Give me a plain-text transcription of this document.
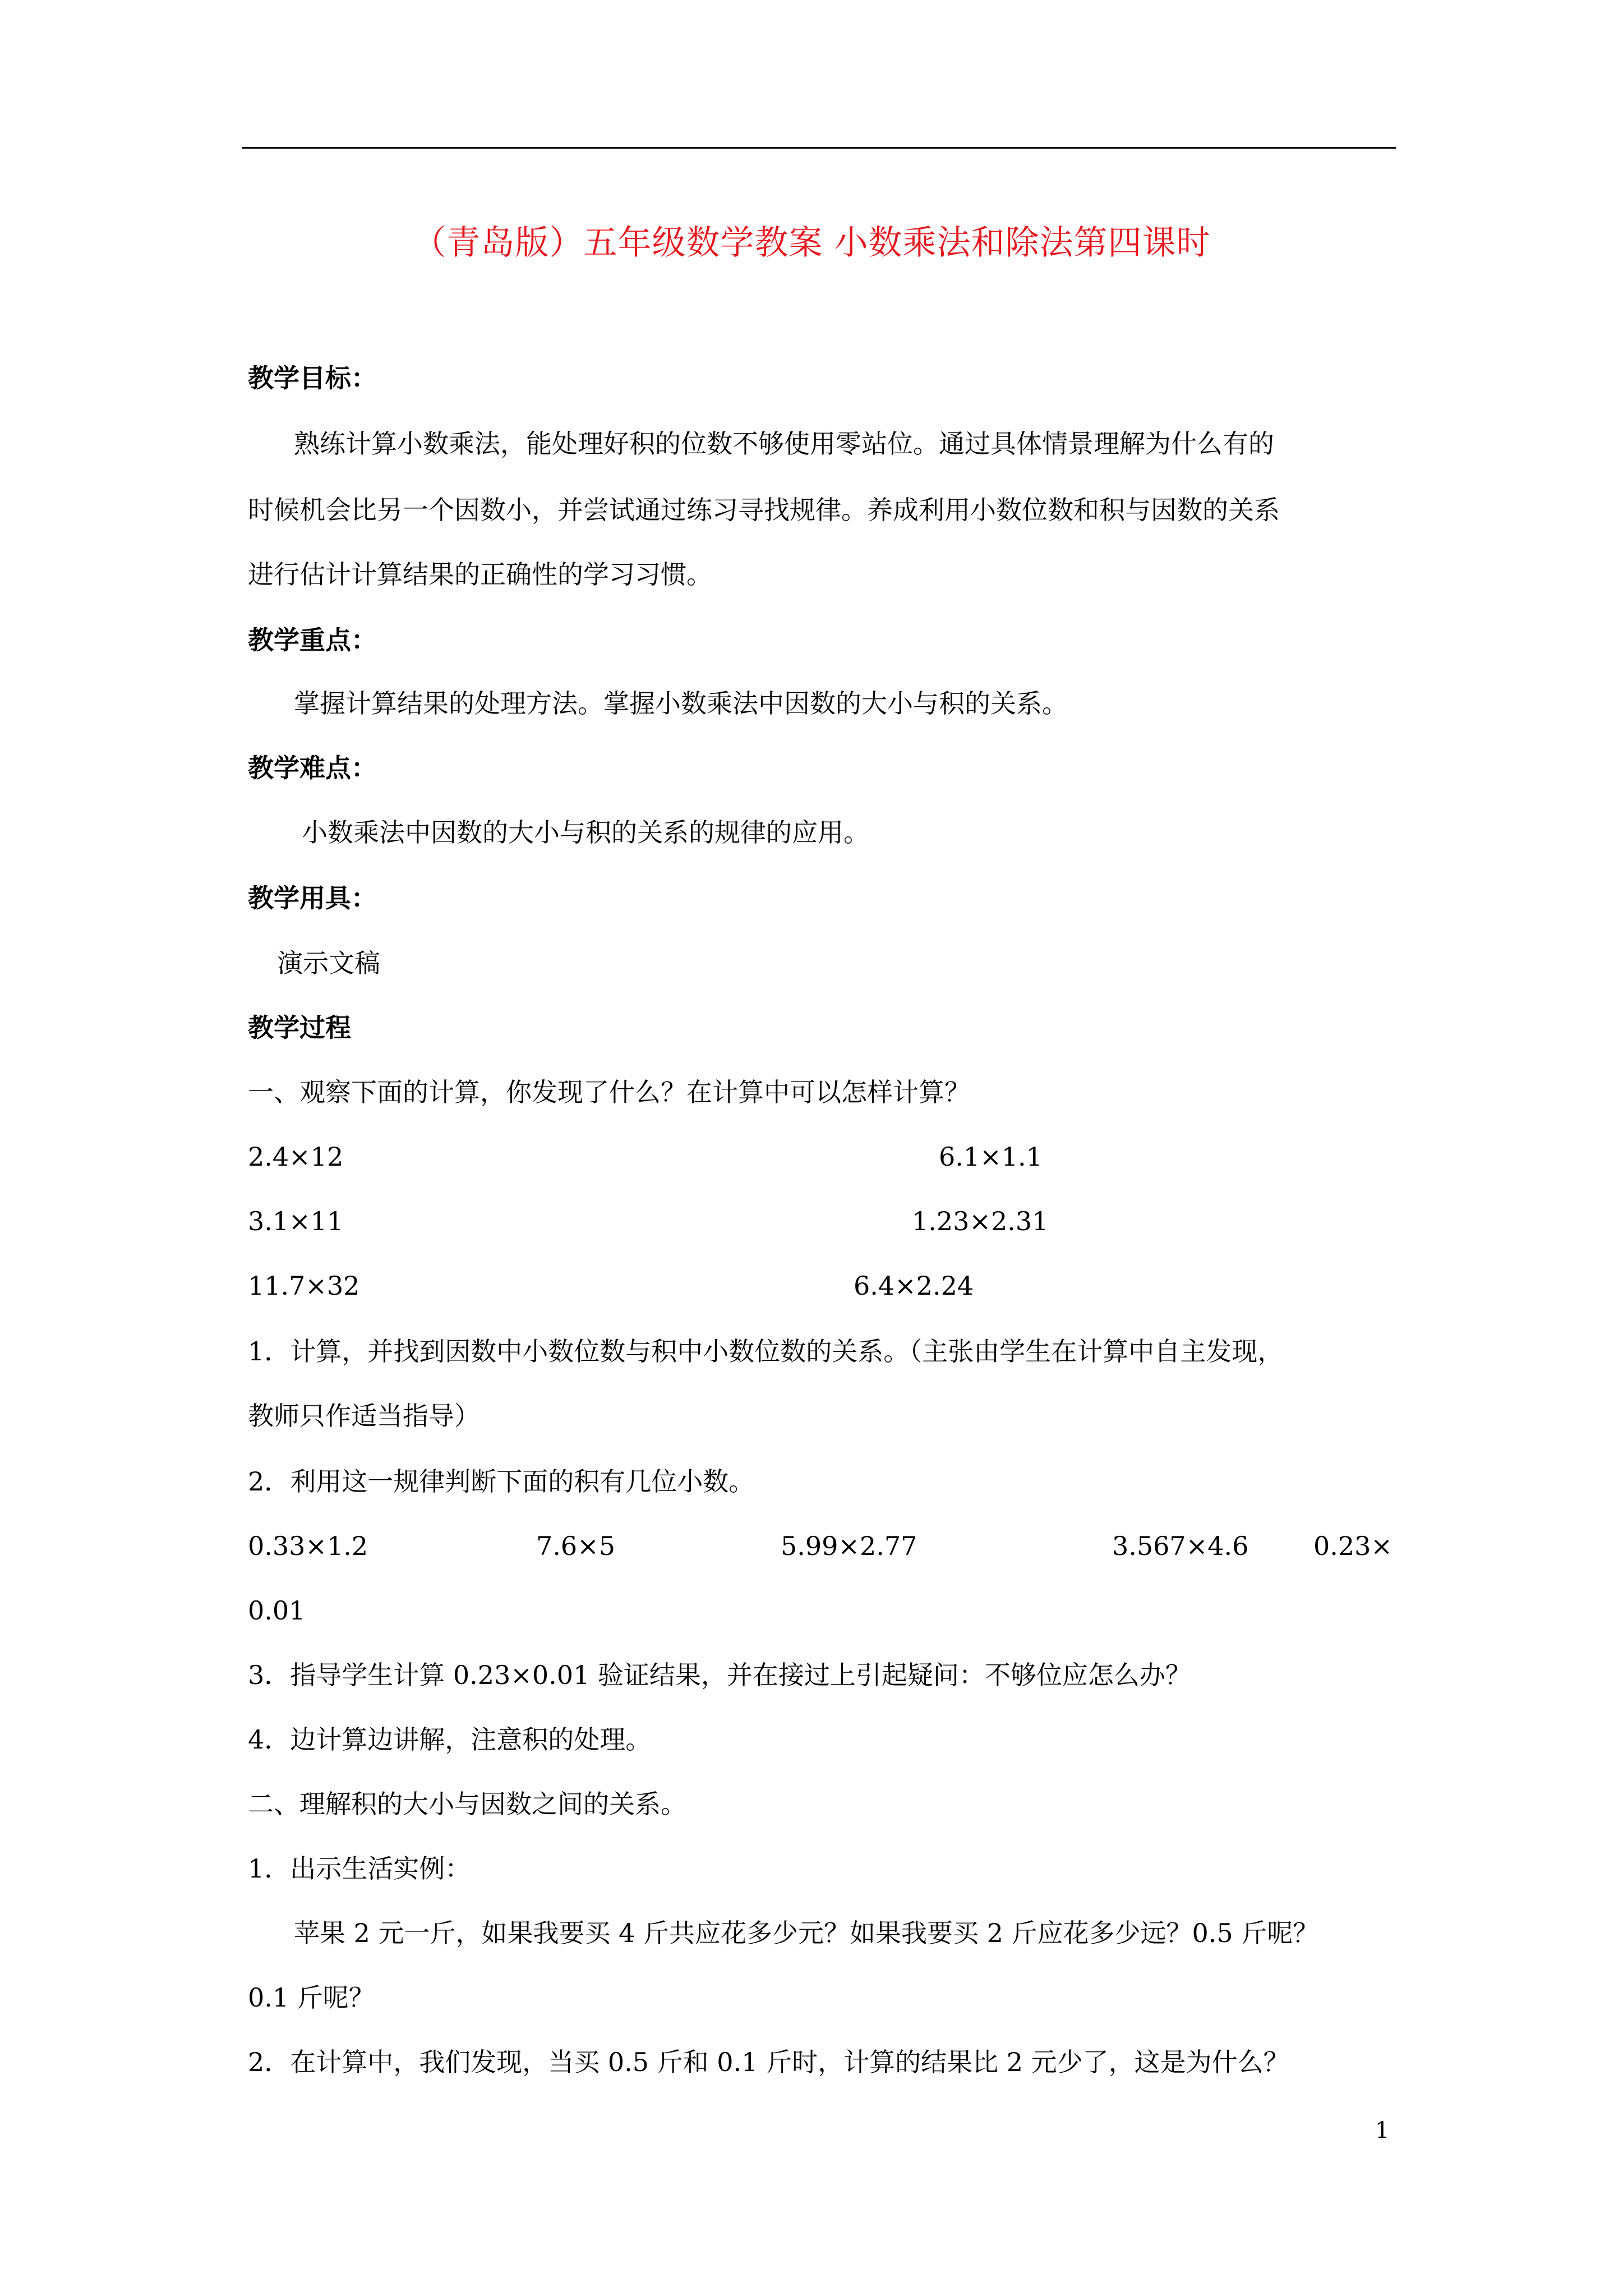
（青岛版）五年级数学教案 小数乘法和除法第四课时
教学目标：
熟练计算小数乘法，能处理好积的位数不够使用零站位。通过具体情景理解为什么有的
时候机会比另一个因数小，并尝试通过练习寻找规律。养成利用小数位数和积与因数的关系
进行估计计算结果的正确性的学习习惯。
教学重点：
掌握计算结果的处理方法。掌握小数乘法中因数的大小与积的关系。
教学难点：
小数乘法中因数的大小与积的关系的规律的应用。
教学用具：
演示文稿
教学过程
一、观察下面的计算，你发现了什么？在计算中可以怎样计算？
2.4×12	6.1×1.1
3.1×11	1.23×2.31
11.7×32	6.4×2.24
1．计算，并找到因数中小数位数与积中小数位数的关系。（主张由学生在计算中自主发现，
教师只作适当指导）
2．利用这一规律判断下面的积有几位小数。
0.33×1.2	7.6×5	5.99×2.77	3.567×4.6	0.23×
0.01
3．指导学生计算 0.23×0.01 验证结果，并在接过上引起疑问：不够位应怎么办？
4．边计算边讲解，注意积的处理。
二、理解积的大小与因数之间的关系。
1．出示生活实例：
苹果 2 元一斤，如果我要买 4 斤共应花多少元？如果我要买 2 斤应花多少远？0.5 斤呢？
0.1 斤呢？
2．在计算中，我们发现，当买 0.5 斤和 0.1 斤时，计算的结果比 2 元少了，这是为什么？
1
